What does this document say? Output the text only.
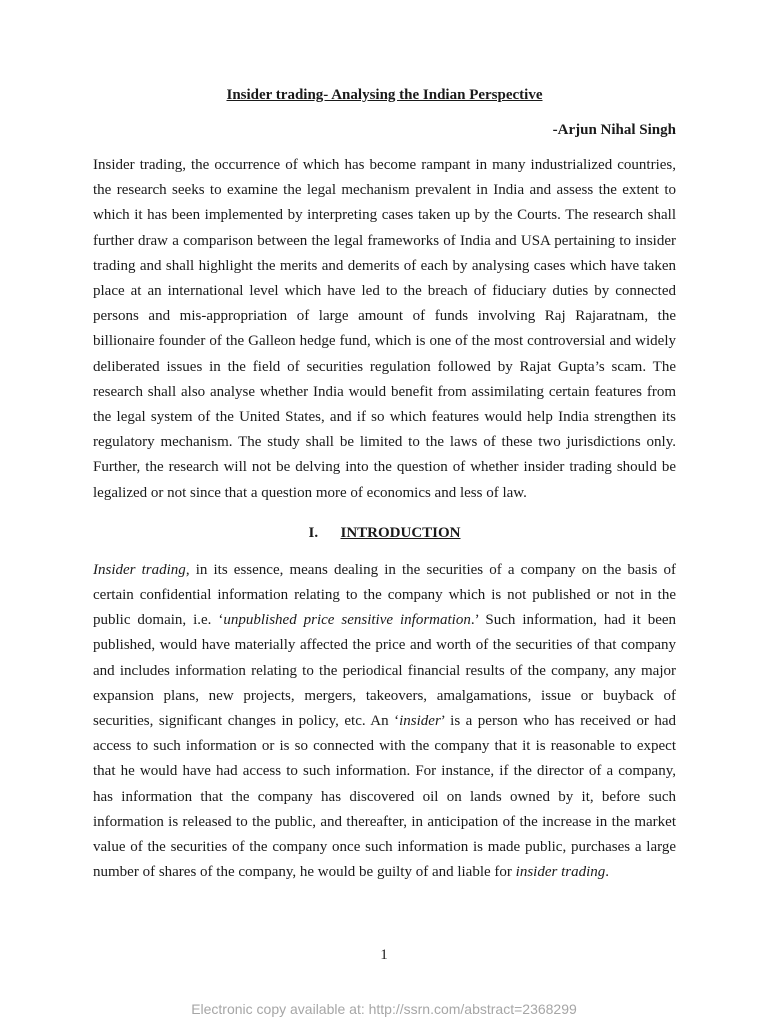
Insider trading- Analysing the Indian Perspective

-Arjun Nihal Singh

Insider trading, the occurrence of which has become rampant in many industrialized countries, the research seeks to examine the legal mechanism prevalent in India and assess the extent to which it has been implemented by interpreting cases taken up by the Courts. The research shall further draw a comparison between the legal frameworks of India and USA pertaining to insider trading and shall highlight the merits and demerits of each by analysing cases which have taken place at an international level which have led to the breach of fiduciary duties by connected persons and mis-appropriation of large amount of funds involving Raj Rajaratnam, the billionaire founder of the Galleon hedge fund, which is one of the most controversial and widely deliberated issues in the field of securities regulation followed by Rajat Gupta’s scam. The research shall also analyse whether India would benefit from assimilating certain features from the legal system of the United States, and if so which features would help India strengthen its regulatory mechanism. The study shall be limited to the laws of these two jurisdictions only. Further, the research will not be delving into the question of whether insider trading should be legalized or not since that a question more of economics and less of law.

I. INTRODUCTION

Insider trading, in its essence, means dealing in the securities of a company on the basis of certain confidential information relating to the company which is not published or not in the public domain, i.e. ‘unpublished price sensitive information.’ Such information, had it been published, would have materially affected the price and worth of the securities of that company and includes information relating to the periodical financial results of the company, any major expansion plans, new projects, mergers, takeovers, amalgamations, issue or buyback of securities, significant changes in policy, etc. An ‘insider’ is a person who has received or had access to such information or is so connected with the company that it is reasonable to expect that he would have had access to such information. For instance, if the director of a company, has information that the company has discovered oil on lands owned by it, before such information is released to the public, and thereafter, in anticipation of the increase in the market value of the securities of the company once such information is made public, purchases a large number of shares of the company, he would be guilty of and liable for insider trading.

1
Electronic copy available at: http://ssrn.com/abstract=2368299
